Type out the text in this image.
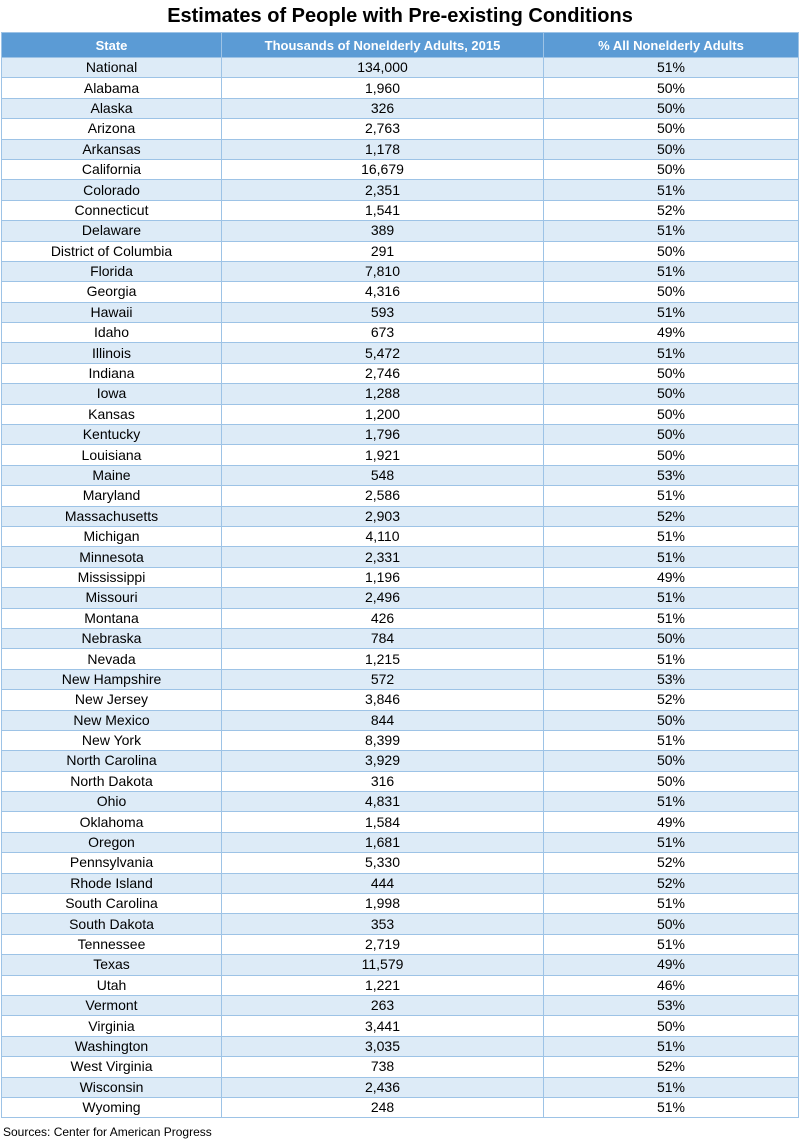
Estimates of People with Pre-existing Conditions
State	Thousands of Nonelderly Adults, 2015	% All Nonelderly Adults
National	134,000	51%
Alabama	1,960	50%
Alaska	326	50%
Arizona	2,763	50%
Arkansas	1,178	50%
California	16,679	50%
Colorado	2,351	51%
Connecticut	1,541	52%
Delaware	389	51%
District of Columbia	291	50%
Florida	7,810	51%
Georgia	4,316	50%
Hawaii	593	51%
Idaho	673	49%
Illinois	5,472	51%
Indiana	2,746	50%
Iowa	1,288	50%
Kansas	1,200	50%
Kentucky	1,796	50%
Louisiana	1,921	50%
Maine	548	53%
Maryland	2,586	51%
Massachusetts	2,903	52%
Michigan	4,110	51%
Minnesota	2,331	51%
Mississippi	1,196	49%
Missouri	2,496	51%
Montana	426	51%
Nebraska	784	50%
Nevada	1,215	51%
New Hampshire	572	53%
New Jersey	3,846	52%
New Mexico	844	50%
New York	8,399	51%
North Carolina	3,929	50%
North Dakota	316	50%
Ohio	4,831	51%
Oklahoma	1,584	49%
Oregon	1,681	51%
Pennsylvania	5,330	52%
Rhode Island	444	52%
South Carolina	1,998	51%
South Dakota	353	50%
Tennessee	2,719	51%
Texas	11,579	49%
Utah	1,221	46%
Vermont	263	53%
Virginia	3,441	50%
Washington	3,035	51%
West Virginia	738	52%
Wisconsin	2,436	51%
Wyoming	248	51%
Sources: Center for American Progress
